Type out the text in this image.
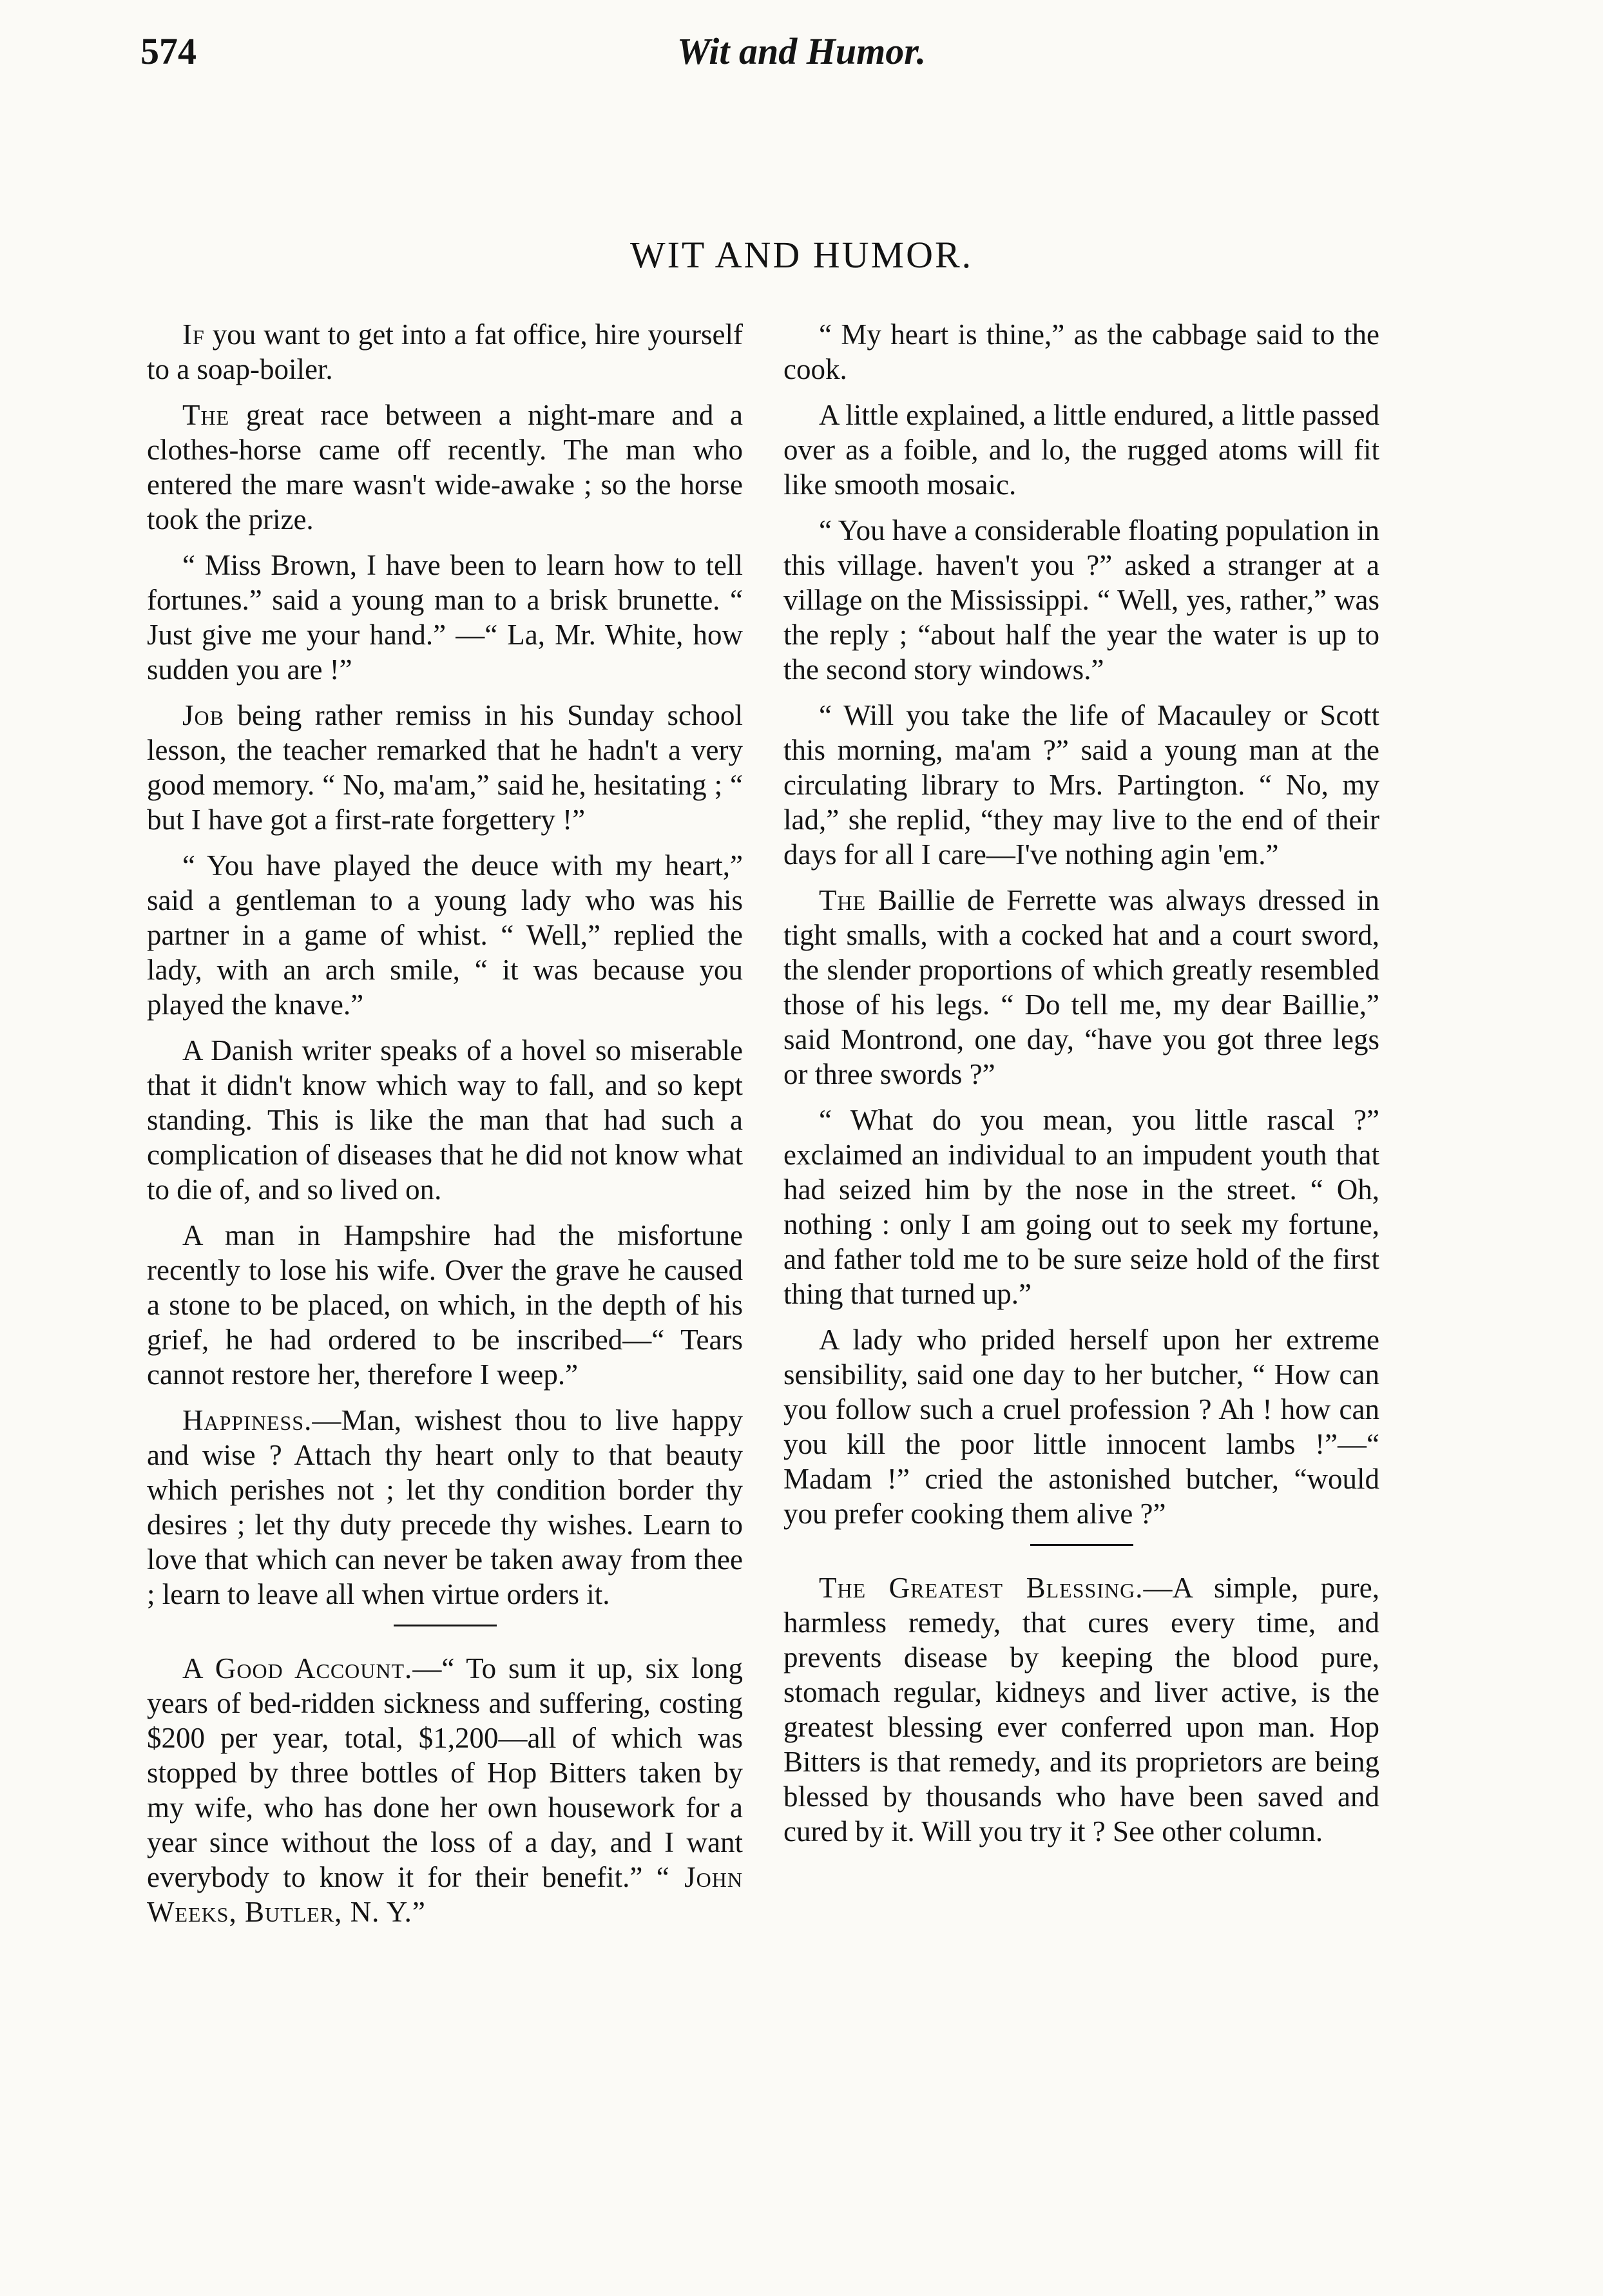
574	Wit and Humor.
WIT AND HUMOR.

If you want to get into a fat office, hire yourself to a soap-boiler.

The great race between a night-mare and a clothes-horse came off recently. The man who entered the mare wasn't wide-awake ; so the horse took the prize.

“ Miss Brown, I have been to learn how to tell fortunes.” said a young man to a brisk brunette. “ Just give me your hand.” —“ La, Mr. White, how sudden you are !”

Job being rather remiss in his Sunday school lesson, the teacher remarked that he hadn't a very good memory. “ No, ma'am,” said he, hesitating ; “ but I have got a first-rate forgettery !”

“ You have played the deuce with my heart,” said a gentleman to a young lady who was his partner in a game of whist. “ Well,” replied the lady, with an arch smile, “ it was because you played the knave.”

A Danish writer speaks of a hovel so miserable that it didn't know which way to fall, and so kept standing. This is like the man that had such a complication of diseases that he did not know what to die of, and so lived on.

A man in Hampshire had the misfortune recently to lose his wife. Over the grave he caused a stone to be placed, on which, in the depth of his grief, he had ordered to be inscribed—“ Tears cannot restore her, therefore I weep.”

Happiness.—Man, wishest thou to live happy and wise ? Attach thy heart only to that beauty which perishes not ; let thy condition border thy desires ; let thy duty precede thy wishes. Learn to love that which can never be taken away from thee ; learn to leave all when virtue orders it.

A Good Account.—“ To sum it up, six long years of bed-ridden sickness and suffering, costing $200 per year, total, $1,200—all of which was stopped by three bottles of Hop Bitters taken by my wife, who has done her own housework for a year since without the loss of a day, and I want everybody to know it for their benefit.” “ John Weeks, Butler, N. Y.”

“ My heart is thine,” as the cabbage said to the cook.

A little explained, a little endured, a little passed over as a foible, and lo, the rugged atoms will fit like smooth mosaic.

“ You have a considerable floating population in this village. haven't you ?” asked a stranger at a village on the Mississippi. “ Well, yes, rather,” was the reply ; “about half the year the water is up to the second story windows.”

“ Will you take the life of Macauley or Scott this morning, ma'am ?” said a young man at the circulating library to Mrs. Partington. “ No, my lad,” she replid, “they may live to the end of their days for all I care—I've nothing agin 'em.”

The Baillie de Ferrette was always dressed in tight smalls, with a cocked hat and a court sword, the slender proportions of which greatly resembled those of his legs. “ Do tell me, my dear Baillie,” said Montrond, one day, “have you got three legs or three swords ?”

“ What do you mean, you little rascal ?” exclaimed an individual to an impudent youth that had seized him by the nose in the street. “ Oh, nothing : only I am going out to seek my fortune, and father told me to be sure seize hold of the first thing that turned up.”

A lady who prided herself upon her extreme sensibility, said one day to her butcher, “ How can you follow such a cruel profession ? Ah ! how can you kill the poor little innocent lambs !”—“ Madam !” cried the astonished butcher, “would you prefer cooking them alive ?”

The Greatest Blessing.—A simple, pure, harmless remedy, that cures every time, and prevents disease by keeping the blood pure, stomach regular, kidneys and liver active, is the greatest blessing ever conferred upon man. Hop Bitters is that remedy, and its proprietors are being blessed by thousands who have been saved and cured by it. Will you try it ? See other column.
